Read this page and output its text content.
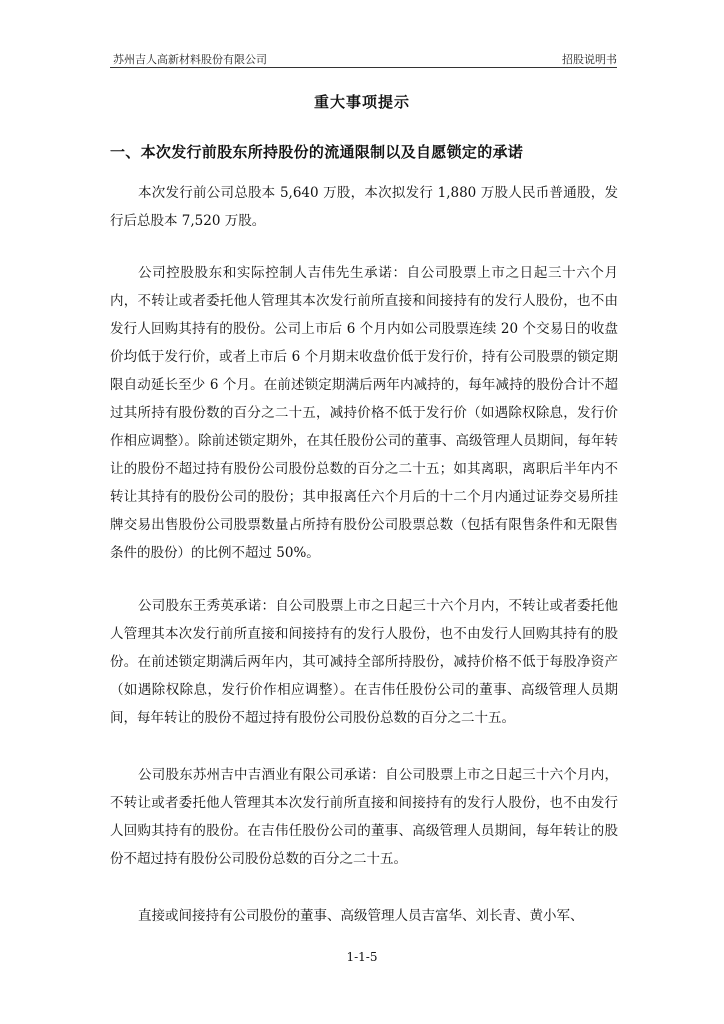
苏州吉人高新材料股份有限公司	招股说明书
重大事项提示
一、本次发行前股东所持股份的流通限制以及自愿锁定的承诺

本次发行前公司总股本 5,640 万股，本次拟发行 1,880 万股人民币普通股，发行后总股本 7,520 万股。

公司控股股东和实际控制人吉伟先生承诺：自公司股票上市之日起三十六个月内，不转让或者委托他人管理其本次发行前所直接和间接持有的发行人股份，也不由发行人回购其持有的股份。公司上市后 6 个月内如公司股票连续 20 个交易日的收盘价均低于发行价，或者上市后 6 个月期末收盘价低于发行价，持有公司股票的锁定期限自动延长至少 6 个月。在前述锁定期满后两年内减持的，每年减持的股份合计不超过其所持有股份数的百分之二十五，减持价格不低于发行价（如遇除权除息，发行价作相应调整）。除前述锁定期外，在其任股份公司的董事、高级管理人员期间，每年转让的股份不超过持有股份公司股份总数的百分之二十五；如其离职，离职后半年内不转让其持有的股份公司的股份；其申报离任六个月后的十二个月内通过证券交易所挂牌交易出售股份公司股票数量占所持有股份公司股票总数（包括有限售条件和无限售条件的股份）的比例不超过 50%。

公司股东王秀英承诺：自公司股票上市之日起三十六个月内，不转让或者委托他人管理其本次发行前所直接和间接持有的发行人股份，也不由发行人回购其持有的股份。在前述锁定期满后两年内，其可减持全部所持股份，减持价格不低于每股净资产（如遇除权除息，发行价作相应调整）。在吉伟任股份公司的董事、高级管理人员期间，每年转让的股份不超过持有股份公司股份总数的百分之二十五。

公司股东苏州吉中吉酒业有限公司承诺：自公司股票上市之日起三十六个月内，不转让或者委托他人管理其本次发行前所直接和间接持有的发行人股份，也不由发行人回购其持有的股份。在吉伟任股份公司的董事、高级管理人员期间，每年转让的股份不超过持有股份公司股份总数的百分之二十五。

直接或间接持有公司股份的董事、高级管理人员吉富华、刘长青、黄小军、

1-1-5
